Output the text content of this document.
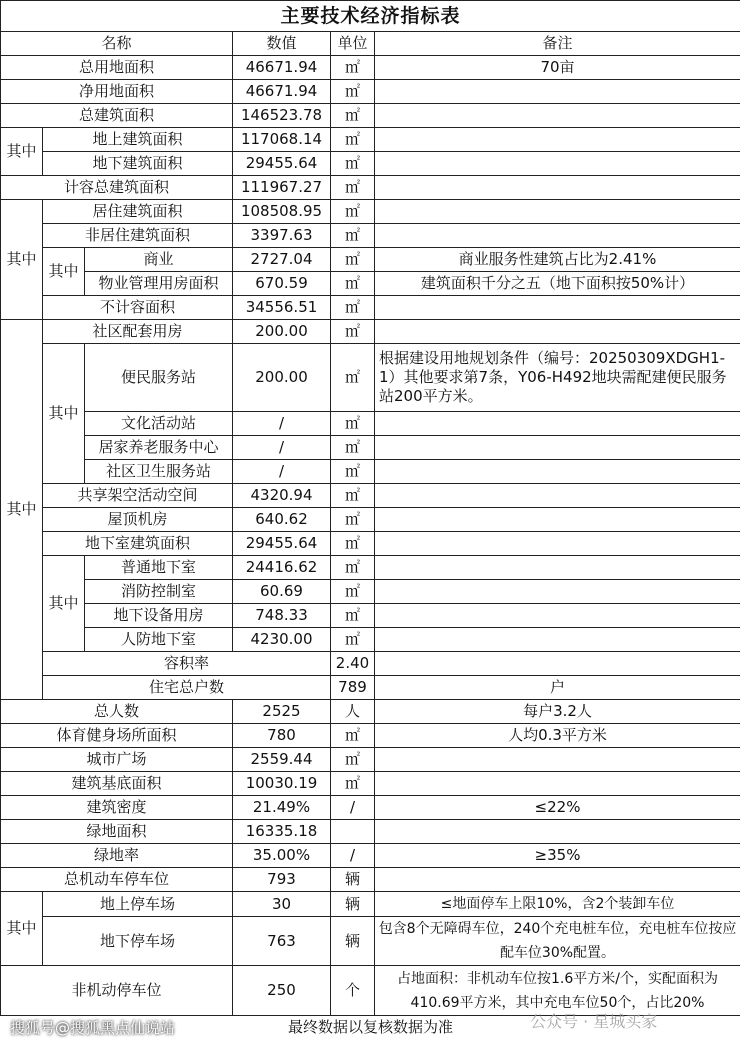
主要技术经济指标表						
名称			数值	单位	备注	
总用地面积			46671.94	㎡	70亩	
净用地面积			46671.94	㎡		
总建筑面积			146523.78	㎡		
其中	地上建筑面积		117068.14	㎡		
	地下建筑面积		29455.64	㎡		
计容总建筑面积			111967.27	㎡		
其中	居住建筑面积		108508.95	㎡		
	非居住建筑面积		3397.63	㎡		
	其中	商业	2727.04	㎡	商业服务性建筑占比为2.41%	
		物业管理用房面积	670.59	㎡	建筑面积千分之五（地下面积按50%计）	
	不计容面积		34556.51	㎡		
其中	社区配套用房		200.00	㎡		
	其中	便民服务站	200.00	㎡	根据建设用地规划条件（编号：20250309XDGH1-1）其他要求第7条，Y06-H492地块需配建便民服务站200平方米。	
		文化活动站	/	㎡		
		居家养老服务中心	/	㎡		
		社区卫生服务站	/	㎡		
	共享架空活动空间		4320.94	㎡		
	屋顶机房		640.62	㎡		
	地下室建筑面积		29455.64	㎡		
	其中	普通地下室	24416.62	㎡		
		消防控制室	60.69	㎡		
		地下设备用房	748.33	㎡		
		人防地下室	4230.00	㎡		
	容积率			2.40		
	住宅总户数			789	户	
总人数			2525	人	每户3.2人	
体育健身场所面积			780	㎡	人均0.3平方米	
城市广场			2559.44	㎡		
建筑基底面积			10030.19	㎡		
建筑密度			21.49%	/	≤22%	
绿地面积			16335.18			
绿地率			35.00%	/	≥35%	
总机动车停车位			793	辆		
其中	地上停车场		30	辆	≤地面停车上限10%，含2个装卸车位	
	地下停车场		763	辆	包含8个无障碍车位，240个充电桩车位，充电桩车位按应配车位30%配置。	
非机动停车位			250	个	占地面积：非机动车位按1.6平方米/个，实配面积为410.69平方米，其中充电车位50个，占比20%	
最终数据以复核数据为准						
搜狐号@搜狐黑点仙说站	公众号 · 星城买家
